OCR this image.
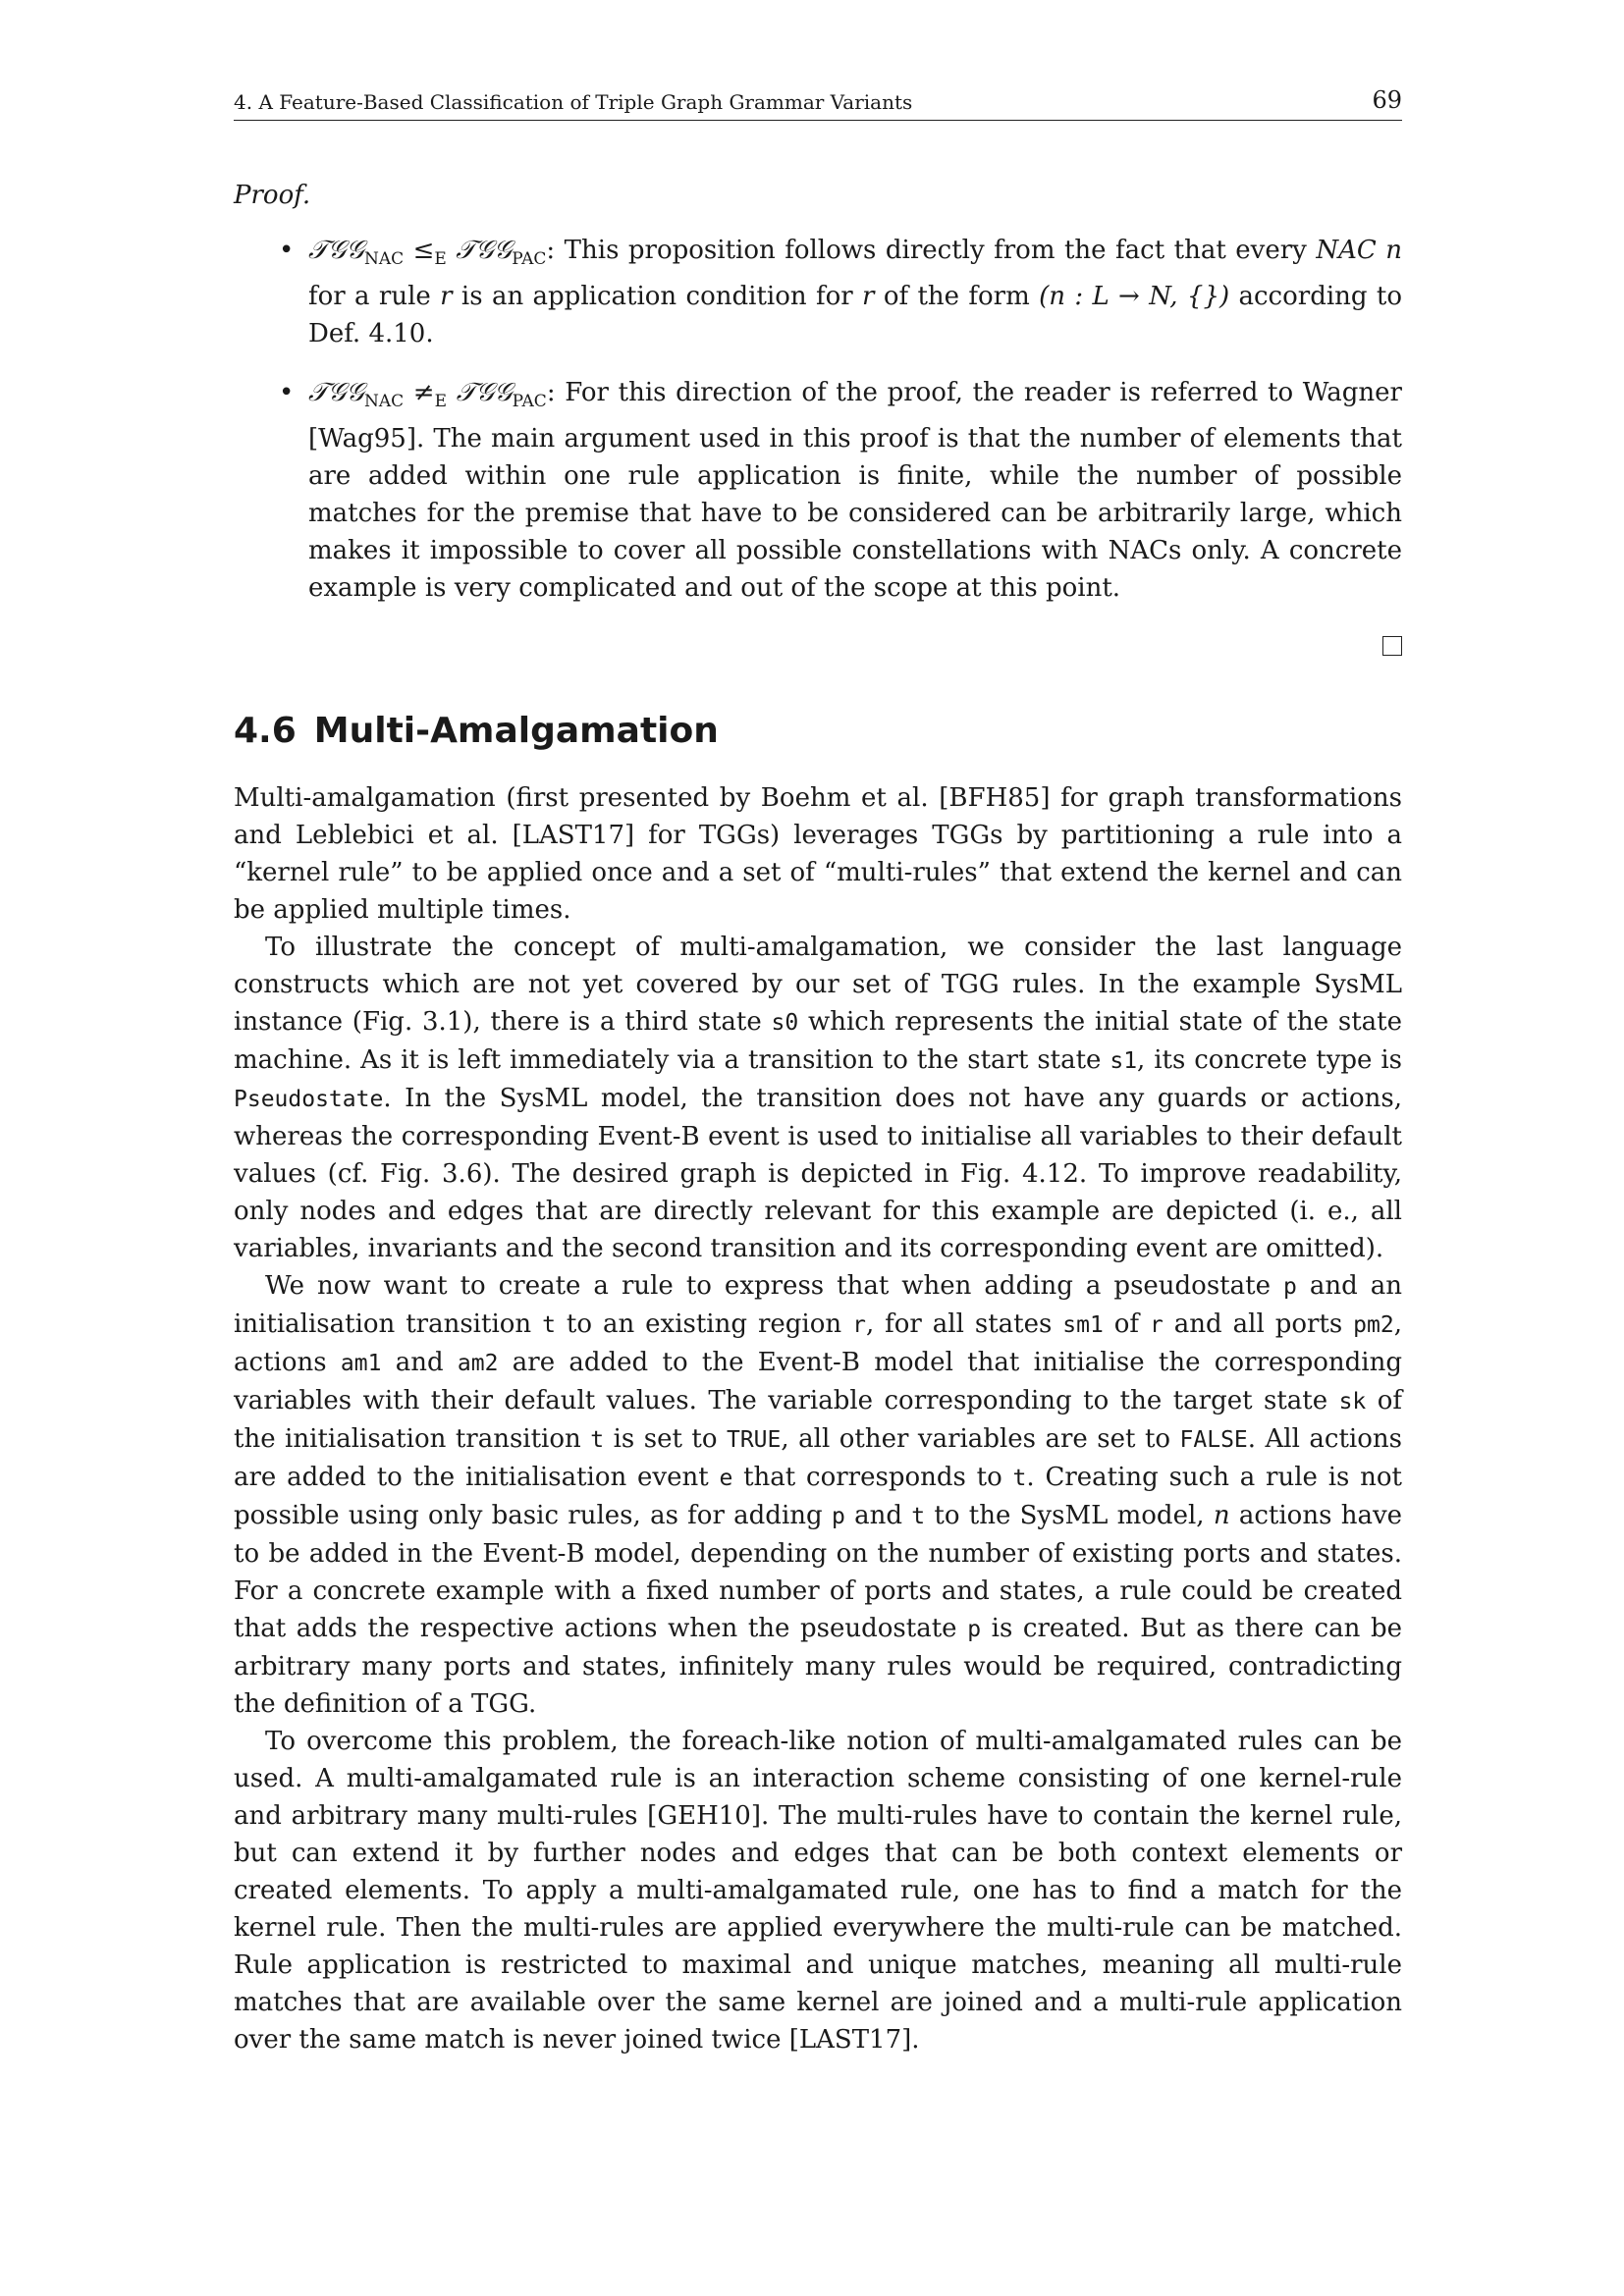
4. A Feature-Based Classification of Triple Graph Grammar Variants	69

Proof.

• 𝒯𝒢𝒢$_{NAC}$ $\le_E$ 𝒯𝒢𝒢$_{PAC}$: This proposition follows directly from the fact that every NAC n for a rule r is an application condition for r of the form (n : L → N, {}) according to Def. 4.10.
• 𝒯𝒢𝒢$_{NAC}$ $\ne_E$ 𝒯𝒢𝒢$_{PAC}$: For this direction of the proof, the reader is referred to Wagner [Wag95]. The main argument used in this proof is that the number of elements that are added within one rule application is finite, while the number of possible matches for the premise that have to be considered can be arbitrarily large, which makes it impossible to cover all possible constellations with NACs only. A concrete example is very complicated and out of the scope at this point.
4.6 Multi-Amalgamation

Multi-amalgamation (first presented by Boehm et al. [BFH85] for graph transformations and Leblebici et al. [LAST17] for TGGs) leverages TGGs by partitioning a rule into a “kernel rule” to be applied once and a set of “multi-rules” that extend the kernel and can be applied multiple times.

To illustrate the concept of multi-amalgamation, we consider the last language constructs which are not yet covered by our set of TGG rules. In the example SysML instance (Fig. 3.1), there is a third state s0 which represents the initial state of the state machine. As it is left immediately via a transition to the start state s1, its concrete type is Pseudostate. In the SysML model, the transition does not have any guards or actions, whereas the corresponding Event-B event is used to initialise all variables to their default values (cf. Fig. 3.6). The desired graph is depicted in Fig. 4.12. To improve readability, only nodes and edges that are directly relevant for this example are depicted (i. e., all variables, invariants and the second transition and its corresponding event are omitted).

We now want to create a rule to express that when adding a pseudostate p and an initialisation transition t to an existing region r, for all states sm1 of r and all ports pm2, actions am1 and am2 are added to the Event-B model that initialise the corresponding variables with their default values. The variable corresponding to the target state sk of the initialisation transition t is set to TRUE, all other variables are set to FALSE. All actions are added to the initialisation event e that corresponds to t. Creating such a rule is not possible using only basic rules, as for adding p and t to the SysML model, n actions have to be added in the Event-B model, depending on the number of existing ports and states. For a concrete example with a fixed number of ports and states, a rule could be created that adds the respective actions when the pseudostate p is created. But as there can be arbitrary many ports and states, infinitely many rules would be required, contradicting the definition of a TGG.

To overcome this problem, the foreach-like notion of multi-amalgamated rules can be used. A multi-amalgamated rule is an interaction scheme consisting of one kernel-rule and arbitrary many multi-rules [GEH10]. The multi-rules have to contain the kernel rule, but can extend it by further nodes and edges that can be both context elements or created elements. To apply a multi-amalgamated rule, one has to find a match for the kernel rule. Then the multi-rules are applied everywhere the multi-rule can be matched. Rule application is restricted to maximal and unique matches, meaning all multi-rule matches that are available over the same kernel are joined and a multi-rule application over the same match is never joined twice [LAST17].
